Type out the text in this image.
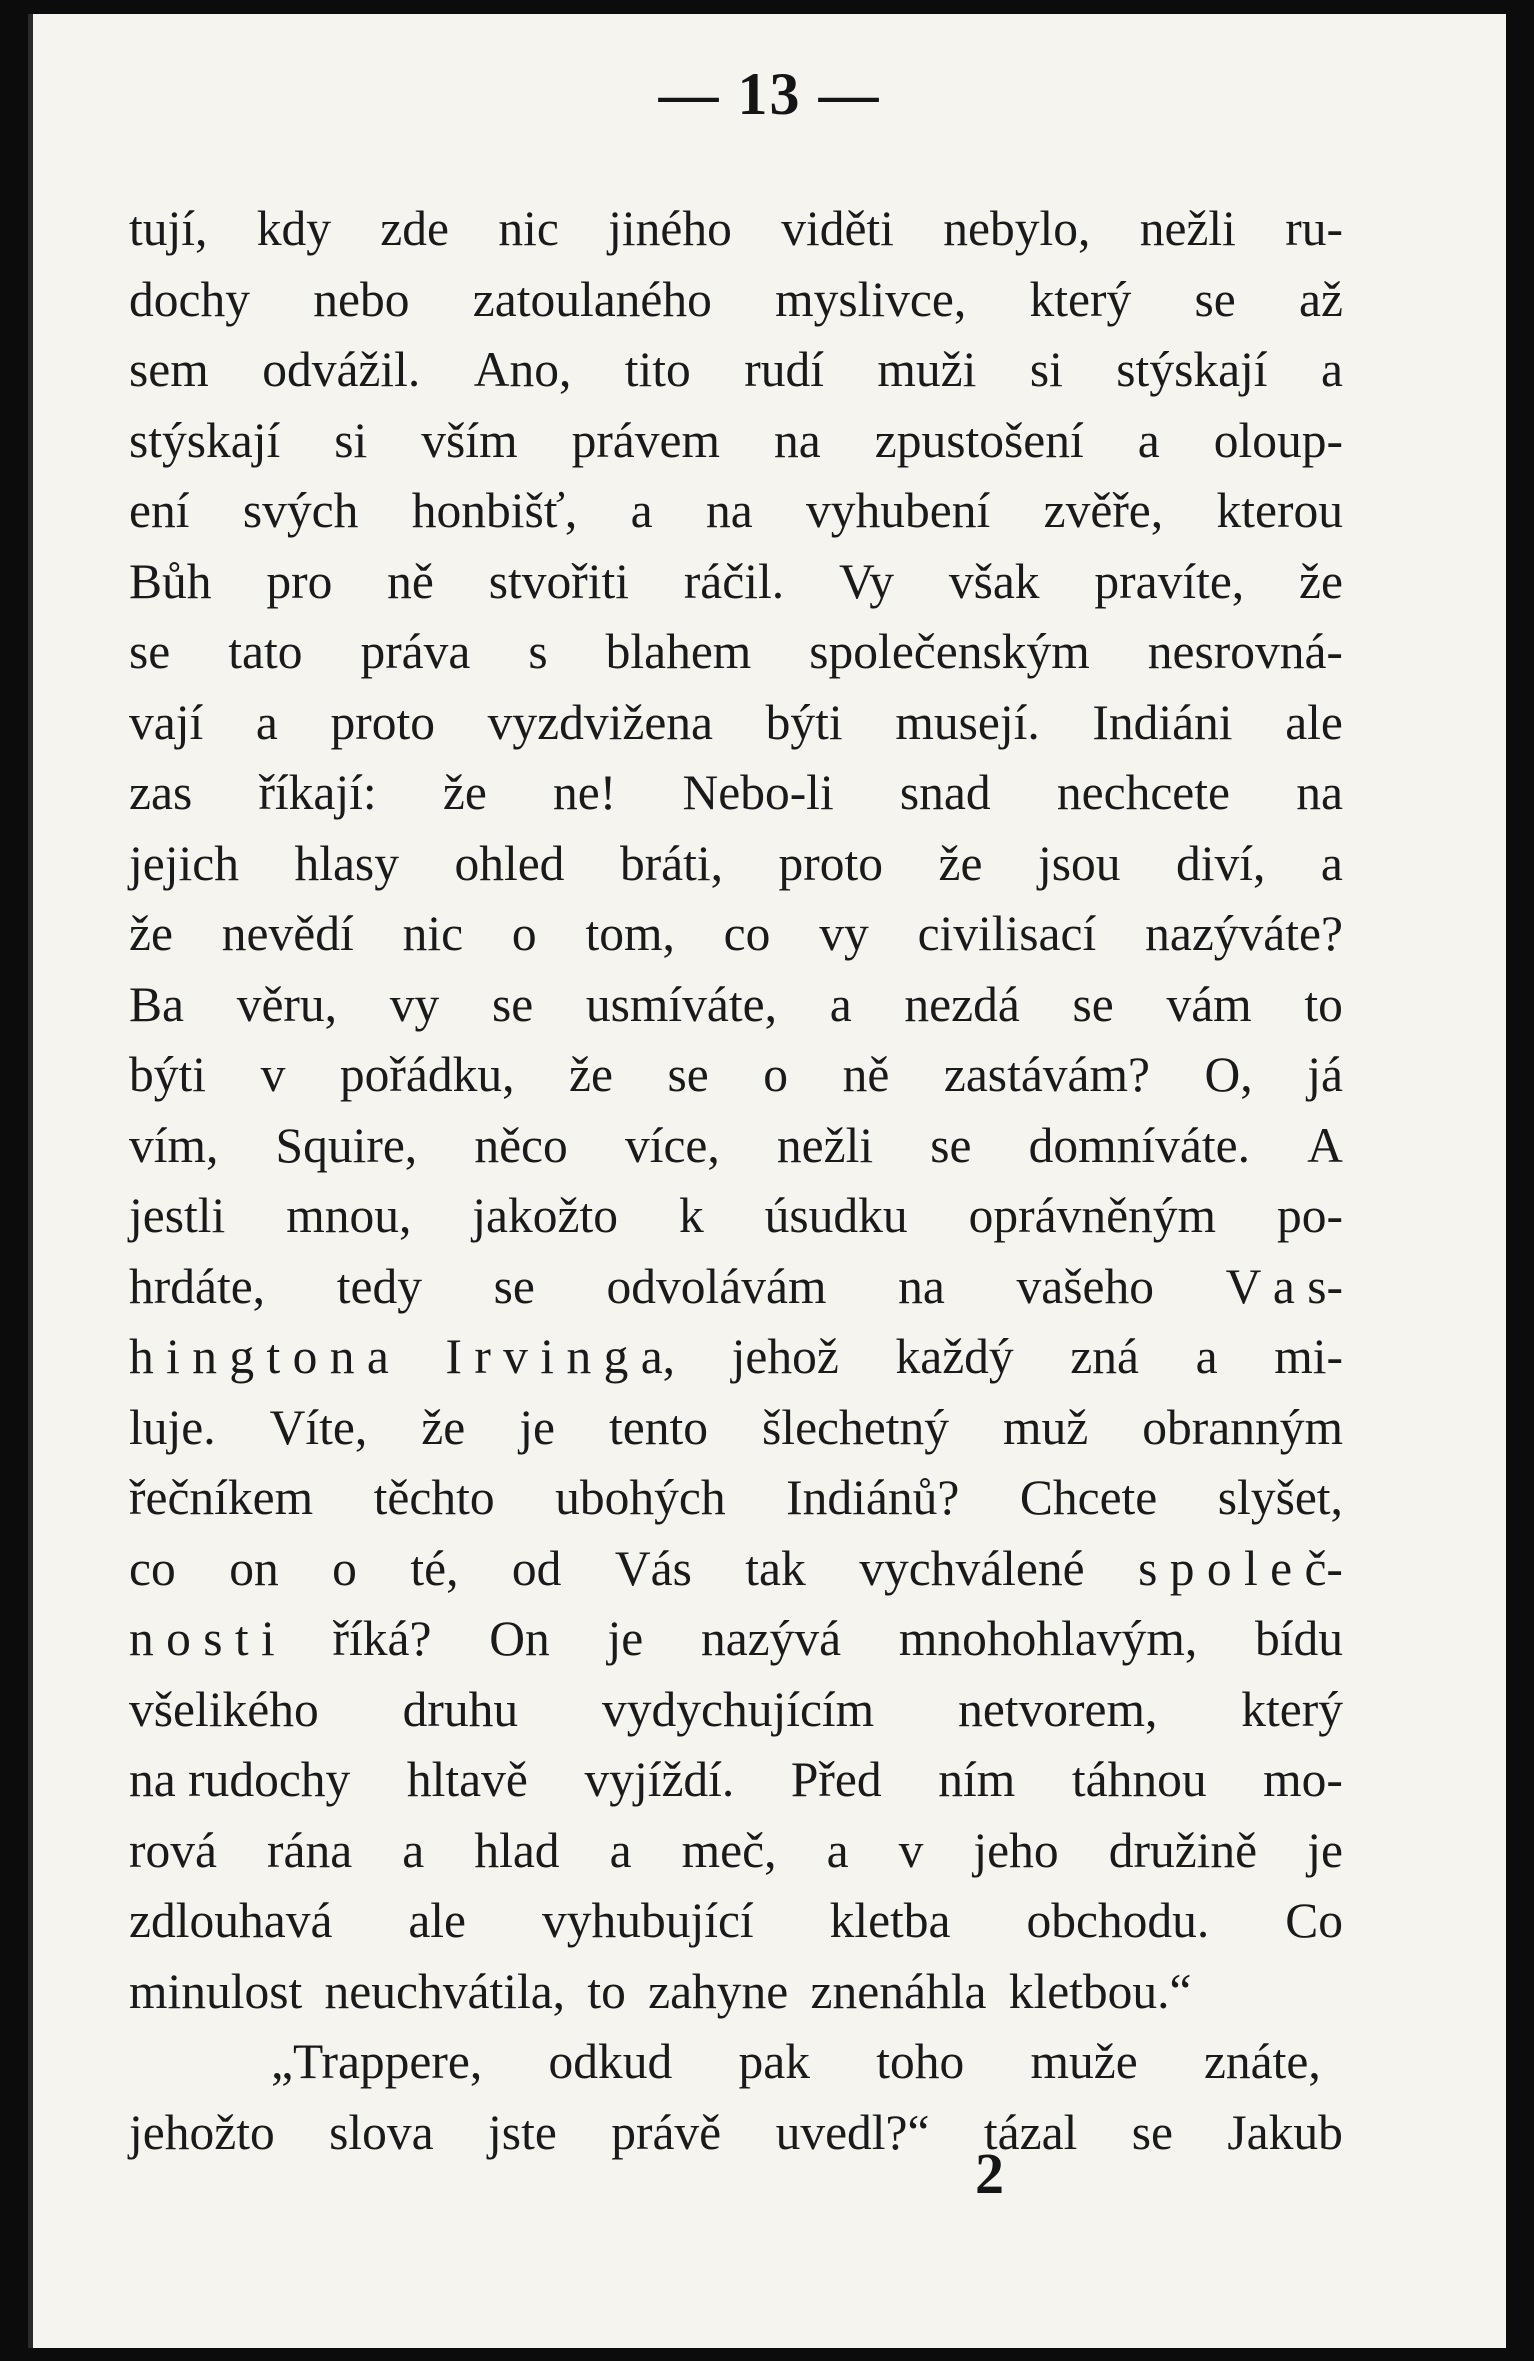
— 13 —
tují, kdy zde nic jiného viděti nebylo, nežli ru-
dochy nebo zatoulaného myslivce, který se až
sem odvážil. Ano, tito rudí muži si stýskají a
stýskají si vším právem na zpustošení a oloup-
ení svých honbišť, a na vyhubení zvěře, kterou
Bůh pro ně stvořiti ráčil. Vy však pravíte, že
se tato práva s blahem společenským nesrovná-
vají a proto vyzdvižena býti musejí. Indiáni ale
zas říkají: že ne! Nebo-li snad nechcete na
jejich hlasy ohled bráti, proto že jsou diví, a
že nevědí nic o tom, co vy civilisací nazýváte?
Ba věru, vy se usmíváte, a nezdá se vám to
býti v pořádku, že se o ně zastávám? O, já
vím, Squire, něco více, nežli se domníváte. A
jestli mnou, jakožto k úsudku oprávněným po-
hrdáte, tedy se odvolávám na vašeho V a s-
h i n g t o n a I r v i n g a, jehož každý zná a mi-
luje. Víte, že je tento šlechetný muž obranným
řečníkem těchto ubohých Indiánů? Chcete slyšet,
co on o té, od Vás tak vychválené s p o l e č-
n o s t i říká? On je nazývá mnohohlavým, bídu
všelikého druhu vydychujícím netvorem, který
na rudochy hltavě vyjíždí. Před ním táhnou mo-
rová rána a hlad a meč, a v jeho družině je
zdlouhavá ale vyhubující kletba obchodu. Co
minulost neuchvátila, to zahyne znenáhla kletbou.“
„Trappere, odkud pak toho muže znáte,
jehožto slova jste právě uvedl?“ tázal se Jakub
2
